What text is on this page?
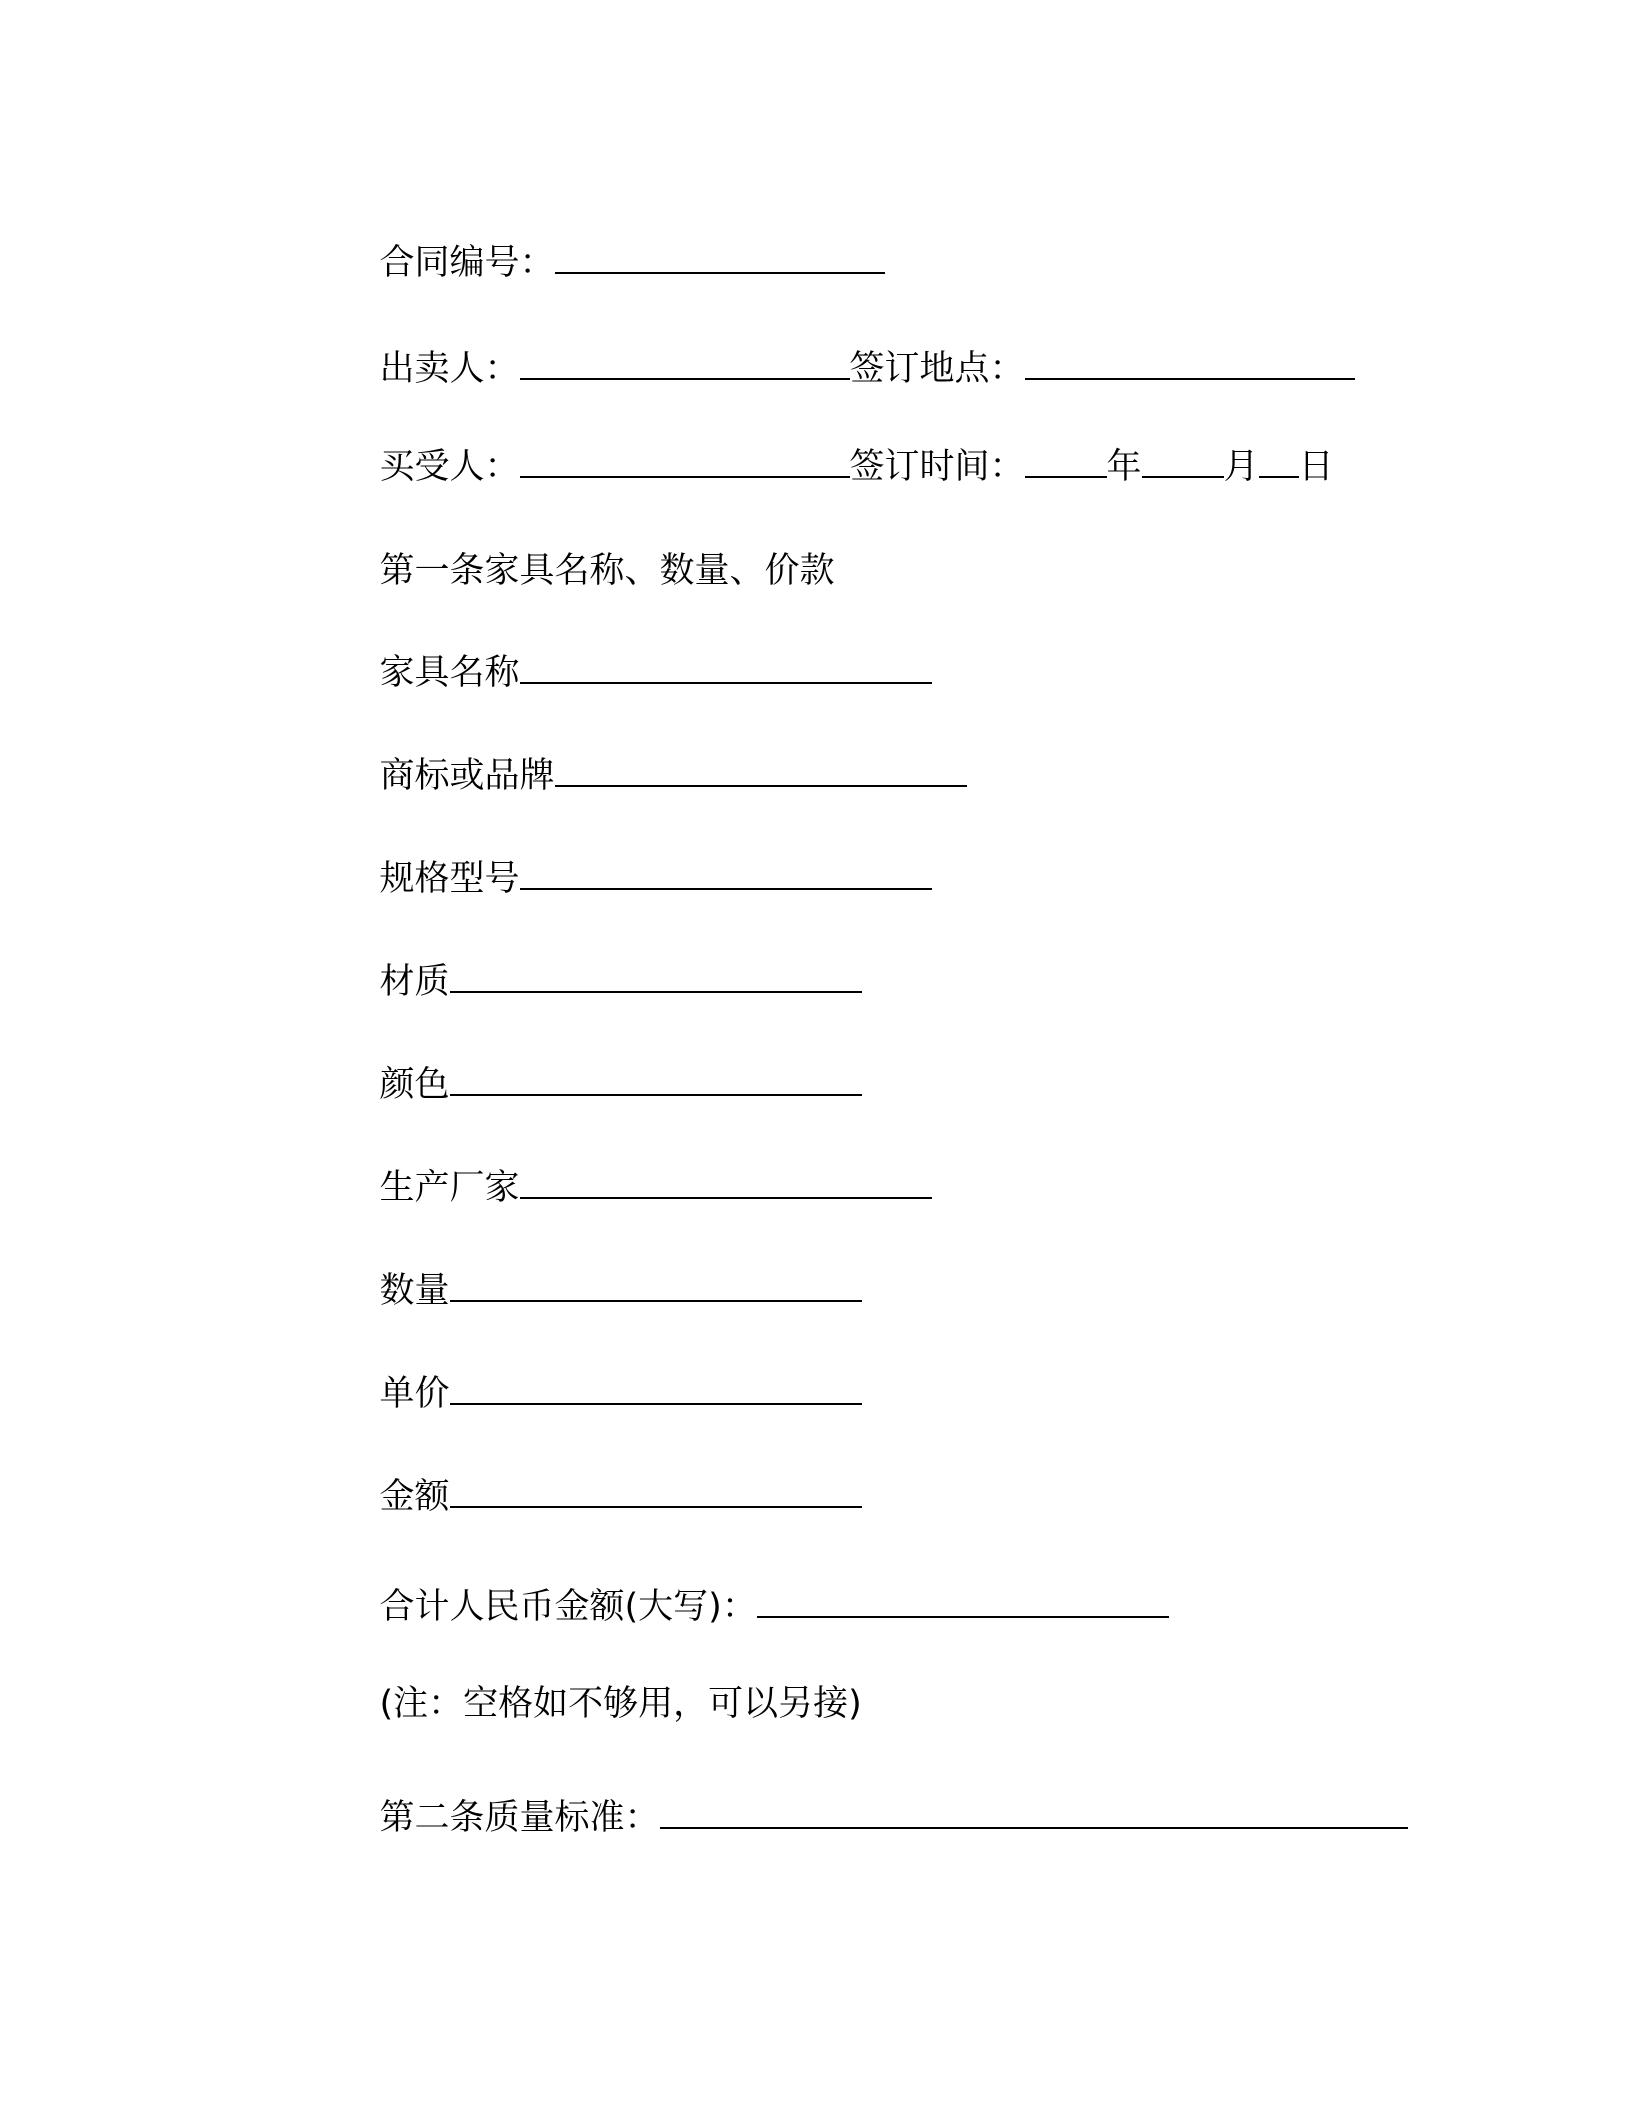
合同编号：

出卖人：	签订地点：

买受人：	签订时间： 年 月 日

第一条家具名称、数量、价款

家具名称

商标或品牌

规格型号

材质

颜色

生产厂家

数量

单价

金额

合计人民币金额(大写)：

(注：空格如不够用，可以另接)

第二条质量标准：
